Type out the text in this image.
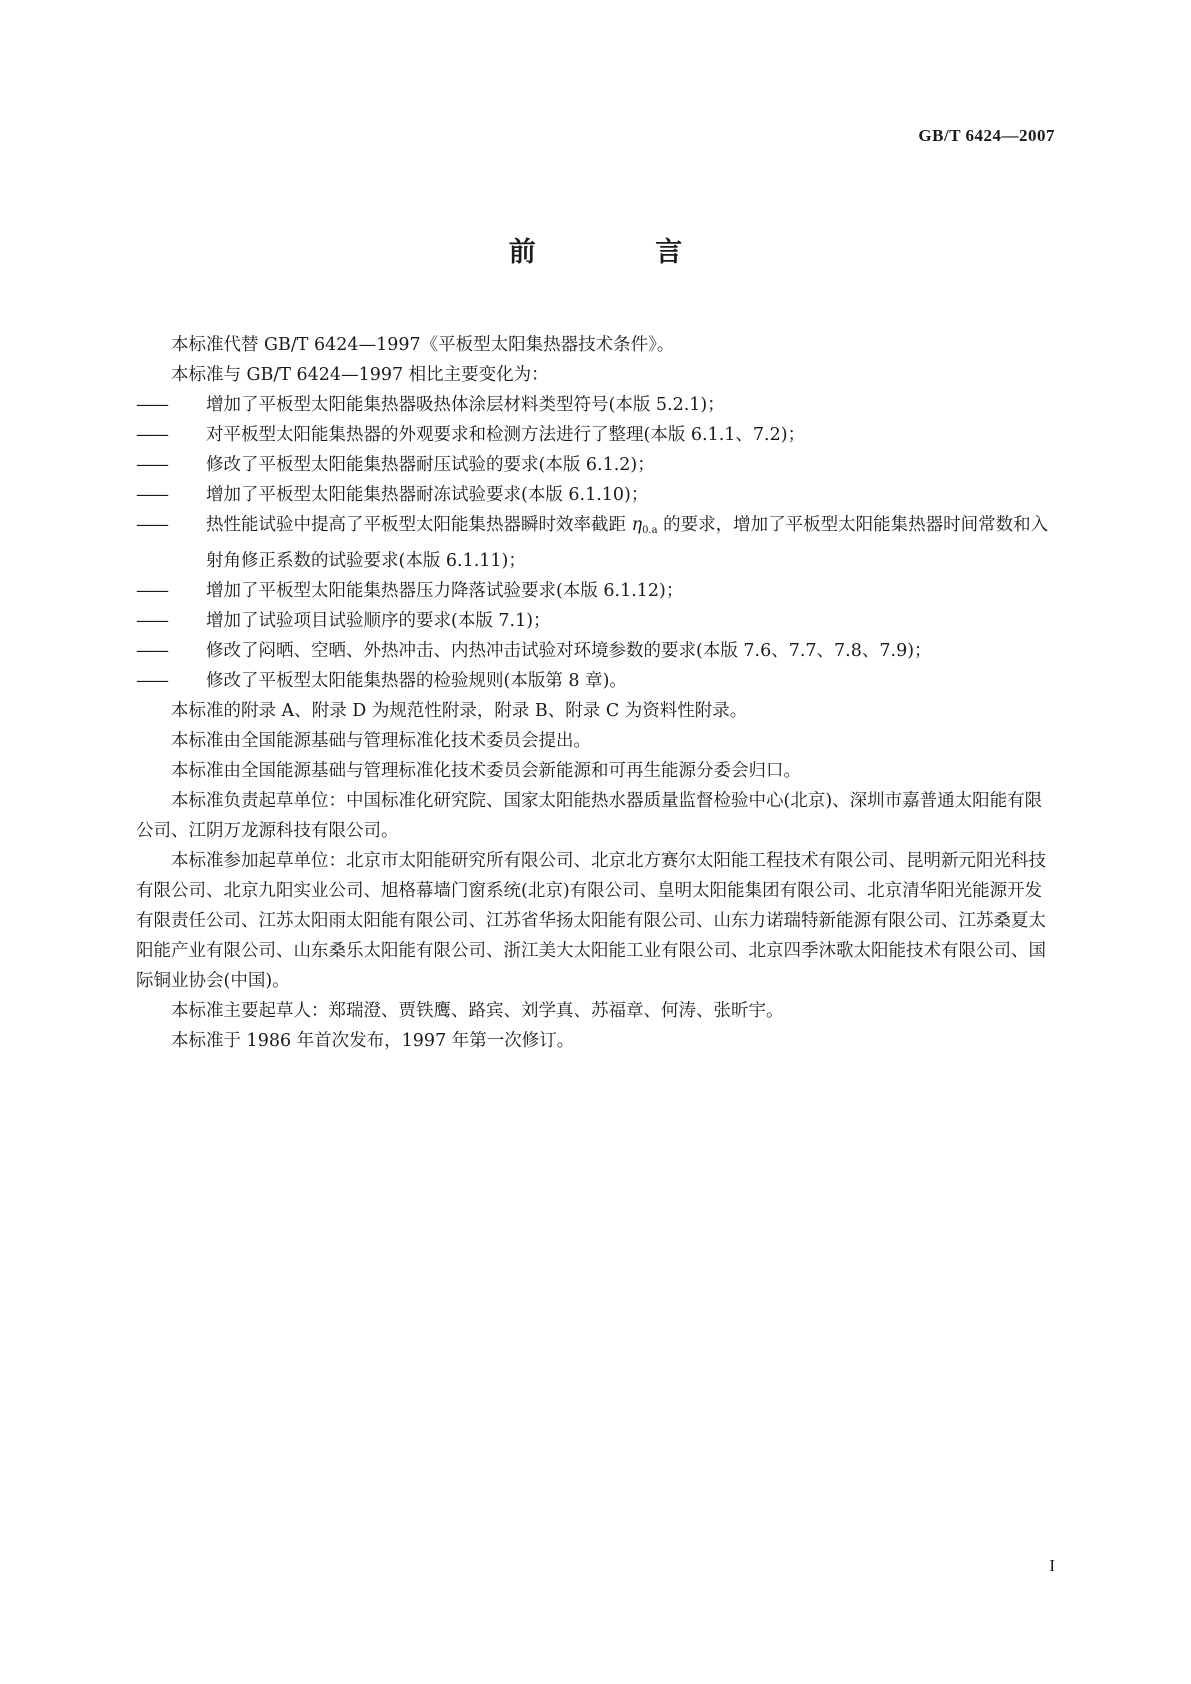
GB/T 6424—2007
前 言

本标准代替 GB/T 6424—1997《平板型太阳集热器技术条件》。

本标准与 GB/T 6424—1997 相比主要变化为：

—— 增加了平板型太阳能集热器吸热体涂层材料类型符号(本版 5.2.1)；

—— 对平板型太阳能集热器的外观要求和检测方法进行了整理(本版 6.1.1、7.2)；

—— 修改了平板型太阳能集热器耐压试验的要求(本版 6.1.2)；

—— 增加了平板型太阳能集热器耐冻试验要求(本版 6.1.10)；

—— 热性能试验中提高了平板型太阳能集热器瞬时效率截距 $\eta_{0.a}$ 的要求，增加了平板型太阳能集热器时间常数和入射角修正系数的试验要求(本版 6.1.11)；

—— 增加了平板型太阳能集热器压力降落试验要求(本版 6.1.12)；

—— 增加了试验项目试验顺序的要求(本版 7.1)；

—— 修改了闷晒、空晒、外热冲击、内热冲击试验对环境参数的要求(本版 7.6、7.7、7.8、7.9)；

—— 修改了平板型太阳能集热器的检验规则(本版第 8 章)。

本标准的附录 A、附录 D 为规范性附录，附录 B、附录 C 为资料性附录。

本标准由全国能源基础与管理标准化技术委员会提出。

本标准由全国能源基础与管理标准化技术委员会新能源和可再生能源分委会归口。

本标准负责起草单位：中国标准化研究院、国家太阳能热水器质量监督检验中心(北京)、深圳市嘉普通太阳能有限公司、江阴万龙源科技有限公司。

本标准参加起草单位：北京市太阳能研究所有限公司、北京北方赛尔太阳能工程技术有限公司、昆明新元阳光科技有限公司、北京九阳实业公司、旭格幕墙门窗系统(北京)有限公司、皇明太阳能集团有限公司、北京清华阳光能源开发有限责任公司、江苏太阳雨太阳能有限公司、江苏省华扬太阳能有限公司、山东力诺瑞特新能源有限公司、江苏桑夏太阳能产业有限公司、山东桑乐太阳能有限公司、浙江美大太阳能工业有限公司、北京四季沐歌太阳能技术有限公司、国际铜业协会(中国)。

本标准主要起草人：郑瑞澄、贾铁鹰、路宾、刘学真、苏福章、何涛、张昕宇。

本标准于 1986 年首次发布，1997 年第一次修订。

I
